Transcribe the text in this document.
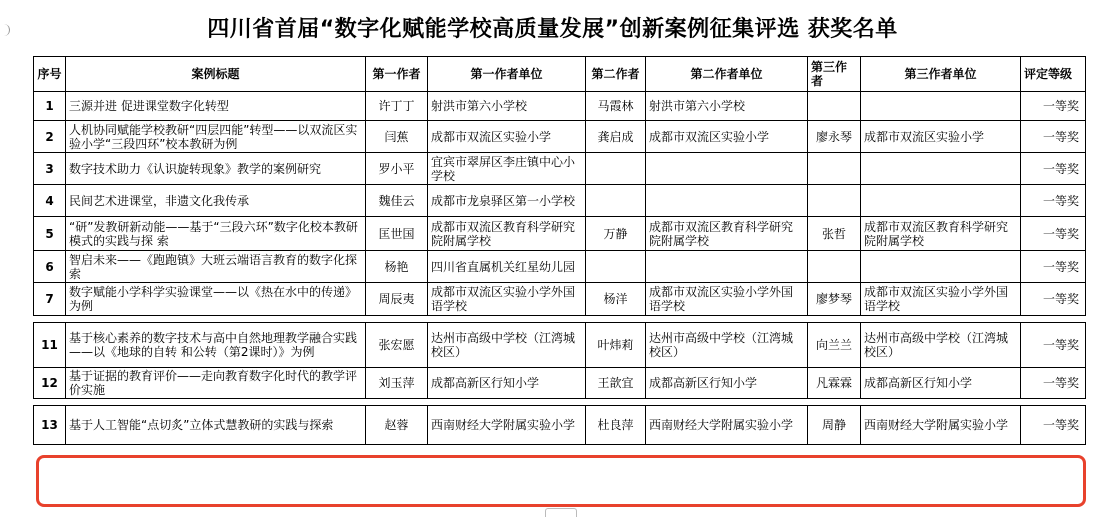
四川省首届“数字化赋能学校高质量发展”创新案例征集评选 获奖名单
序号	案例标题	第一作者	第一作者单位	第二作者	第二作者单位	第三作者	第三作者单位	评定等级
1	三源并进 促进课堂数字化转型	许丁丁	射洪市第六小学校	马霞林	射洪市第六小学校			一等奖
2	人机协同赋能学校教研“四层四能”转型——以双流区实验小学“三段四环”校本教研为例	闫蕉	成都市双流区实验小学	龚启成	成都市双流区实验小学	廖永琴	成都市双流区实验小学	一等奖
3	数字技术助力《认识旋转现象》教学的案例研究	罗小平	宜宾市翠屏区李庄镇中心小学校					一等奖
4	民间艺术进课堂，非遗文化我传承	魏佳云	成都市龙泉驿区第一小学校					一等奖
5	“研”发教研新动能——基于“三段六环”数字化校本教研模式的实践与探 索	匡世国	成都市双流区教育科学研究院附属学校	万静	成都市双流区教育科学研究院附属学校	张哲	成都市双流区教育科学研究院附属学校	一等奖
6	智启未来——《跑跑镇》大班云端语言教育的数字化探索	杨艳	四川省直属机关红星幼儿园					一等奖
7	数字赋能小学科学实验课堂——以《热在水中的传递》为例	周辰夷	成都市双流区实验小学外国语学校	杨洋	成都市双流区实验小学外国语学校	廖梦琴	成都市双流区实验小学外国语学校	一等奖

11	基于核心素养的数字技术与高中自然地理教学融合实践——以《地球的自转 和公转（第2课时）》为例	张宏愿	达州市高级中学校（江湾城校区）	叶炜莉	达州市高级中学校（江湾城校区）	向兰兰	达州市高级中学校（江湾城校区）	一等奖
12	基于证据的教育评价——走向教育数字化时代的教学评价实施	刘玉萍	成都高新区行知小学	王歆宜	成都高新区行知小学	凡霖霖	成都高新区行知小学	一等奖

13	基于人工智能“点切炙”立体式慧教研的实践与探索	赵蓉	西南财经大学附属实验小学	杜良萍	西南财经大学附属实验小学	周静	西南财经大学附属实验小学	一等奖
